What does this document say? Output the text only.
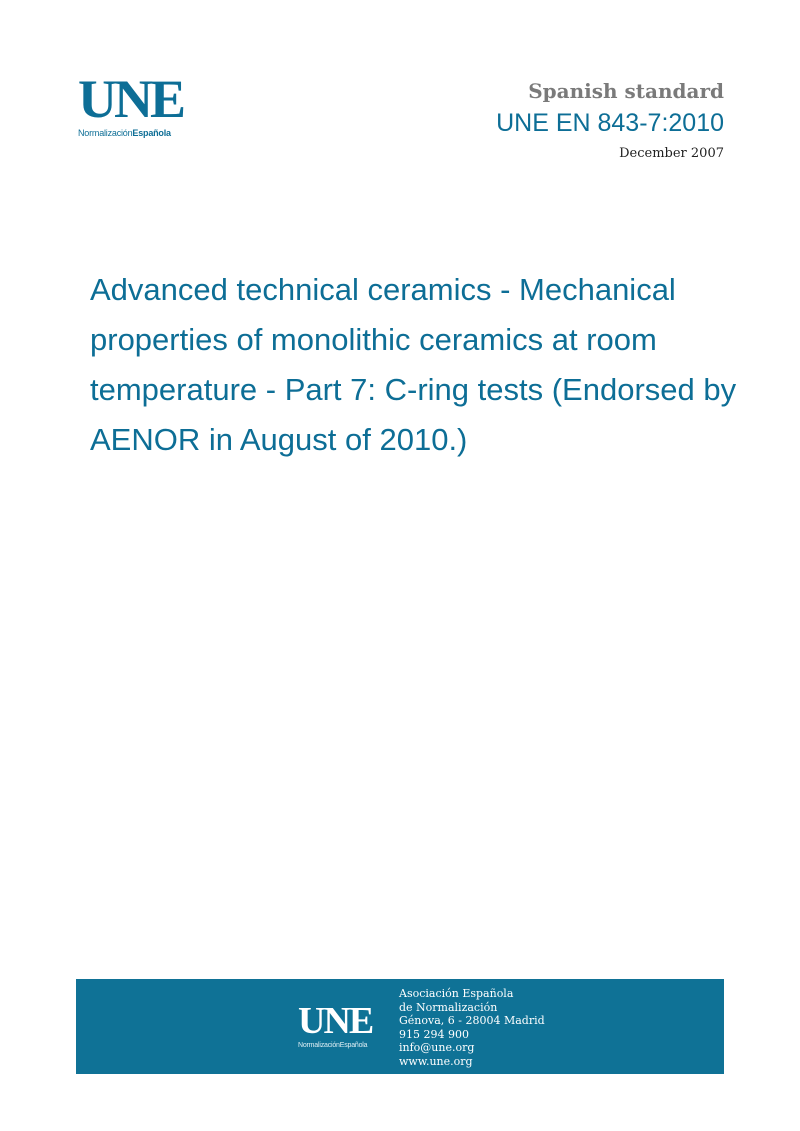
UNE
NormalizaciónEspañola
Spanish standard
UNE EN 843-7:2010
December 2007
Advanced technical ceramics - Mechanical properties of monolithic ceramics at room temperature - Part 7: C-ring tests (Endorsed by AENOR in August of 2010.)
UNE
NormalizaciónEspañola
Asociación Española
de Normalización
Génova, 6 - 28004 Madrid
915 294 900
info@une.org
www.une.org
